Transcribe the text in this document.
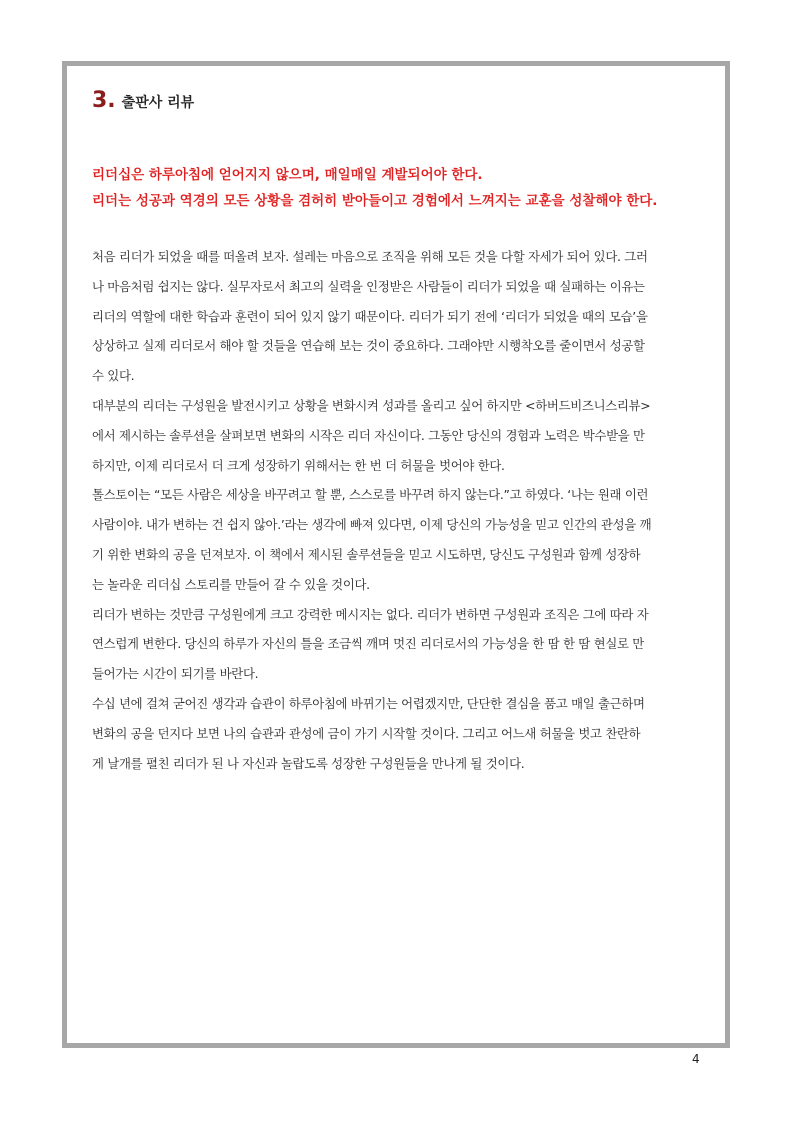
3. 출판사 리뷰
리더십은 하루아침에 얻어지지 않으며, 매일매일 계발되어야 한다.
리더는 성공과 역경의 모든 상황을 겸허히 받아들이고 경험에서 느껴지는 교훈을 성찰해야 한다.
처음 리더가 되었을 때를 떠올려 보자. 설레는 마음으로 조직을 위해 모든 것을 다할 자세가 되어 있다. 그러
나 마음처럼 쉽지는 않다. 실무자로서 최고의 실력을 인정받은 사람들이 리더가 되었을 때 실패하는 이유는
리더의 역할에 대한 학습과 훈련이 되어 있지 않기 때문이다. 리더가 되기 전에 ‘리더가 되었을 때의 모습’을
상상하고 실제 리더로서 해야 할 것들을 연습해 보는 것이 중요하다. 그래야만 시행착오를 줄이면서 성공할
수 있다.
대부분의 리더는 구성원을 발전시키고 상황을 변화시켜 성과를 올리고 싶어 하지만 <하버드비즈니스리뷰>
에서 제시하는 솔루션을 살펴보면 변화의 시작은 리더 자신이다. 그동안 당신의 경험과 노력은 박수받을 만
하지만, 이제 리더로서 더 크게 성장하기 위해서는 한 번 더 허물을 벗어야 한다.
톨스토이는 “모든 사람은 세상을 바꾸려고 할 뿐, 스스로를 바꾸려 하지 않는다.”고 하였다. ‘나는 원래 이런
사람이야. 내가 변하는 건 쉽지 않아.’라는 생각에 빠져 있다면, 이제 당신의 가능성을 믿고 인간의 관성을 깨
기 위한 변화의 공을 던져보자. 이 책에서 제시된 솔루션들을 믿고 시도하면, 당신도 구성원과 함께 성장하
는 놀라운 리더십 스토리를 만들어 갈 수 있을 것이다.
리더가 변하는 것만큼 구성원에게 크고 강력한 메시지는 없다. 리더가 변하면 구성원과 조직은 그에 따라 자
연스럽게 변한다. 당신의 하루가 자신의 틀을 조금씩 깨며 멋진 리더로서의 가능성을 한 땀 한 땀 현실로 만
들어가는 시간이 되기를 바란다.
수십 년에 걸쳐 굳어진 생각과 습관이 하루아침에 바뀌기는 어렵겠지만, 단단한 결심을 품고 매일 출근하며
변화의 공을 던지다 보면 나의 습관과 관성에 금이 가기 시작할 것이다. 그리고 어느새 허물을 벗고 찬란하
게 날개를 펼친 리더가 된 나 자신과 놀랍도록 성장한 구성원들을 만나게 될 것이다.
4
